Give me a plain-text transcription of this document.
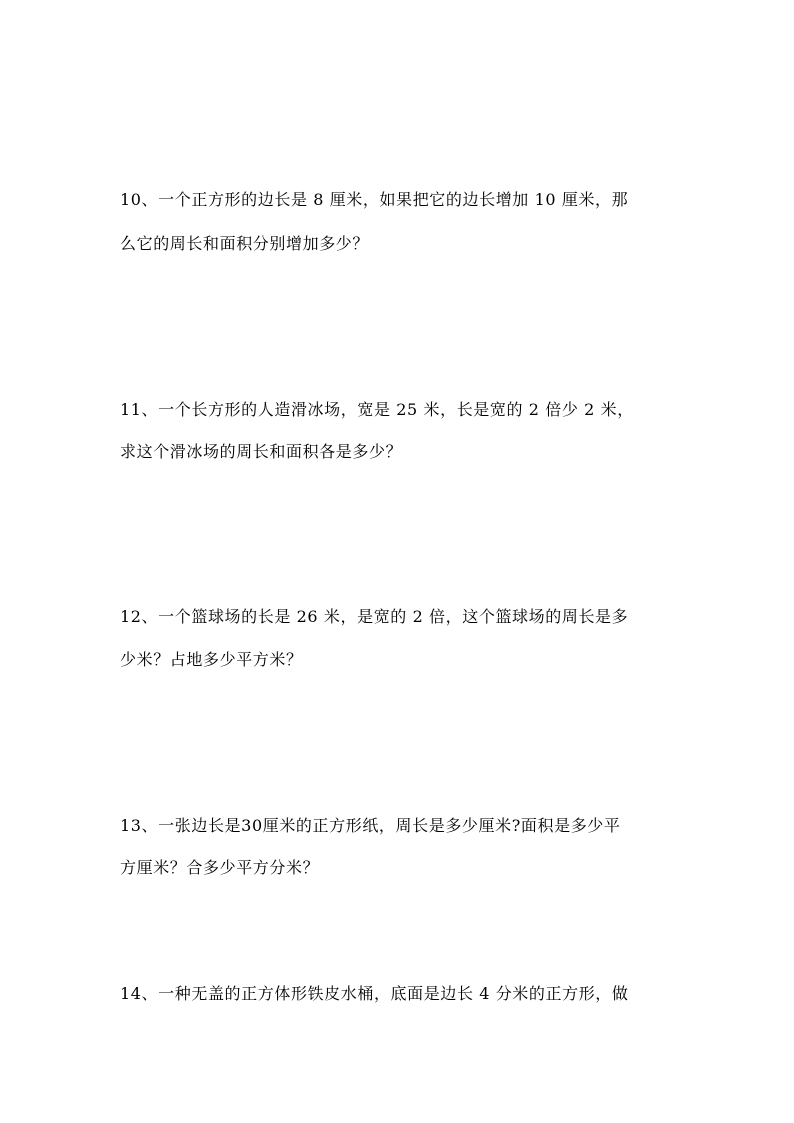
10、一个正方形的边长是 8 厘米，如果把它的边长增加 10 厘米，那
么它的周长和面积分别增加多少？
11、一个长方形的人造滑冰场，宽是 25 米，长是宽的 2 倍少 2 米，
求这个滑冰场的周长和面积各是多少？
12、一个篮球场的长是 26 米，是宽的 2 倍，这个篮球场的周长是多
少米？占地多少平方米？
13、一张边长是30厘米的正方形纸，周长是多少厘米?面积是多少平
方厘米？合多少平方分米？
14、一种无盖的正方体形铁皮水桶，底面是边长 4 分米的正方形，做
